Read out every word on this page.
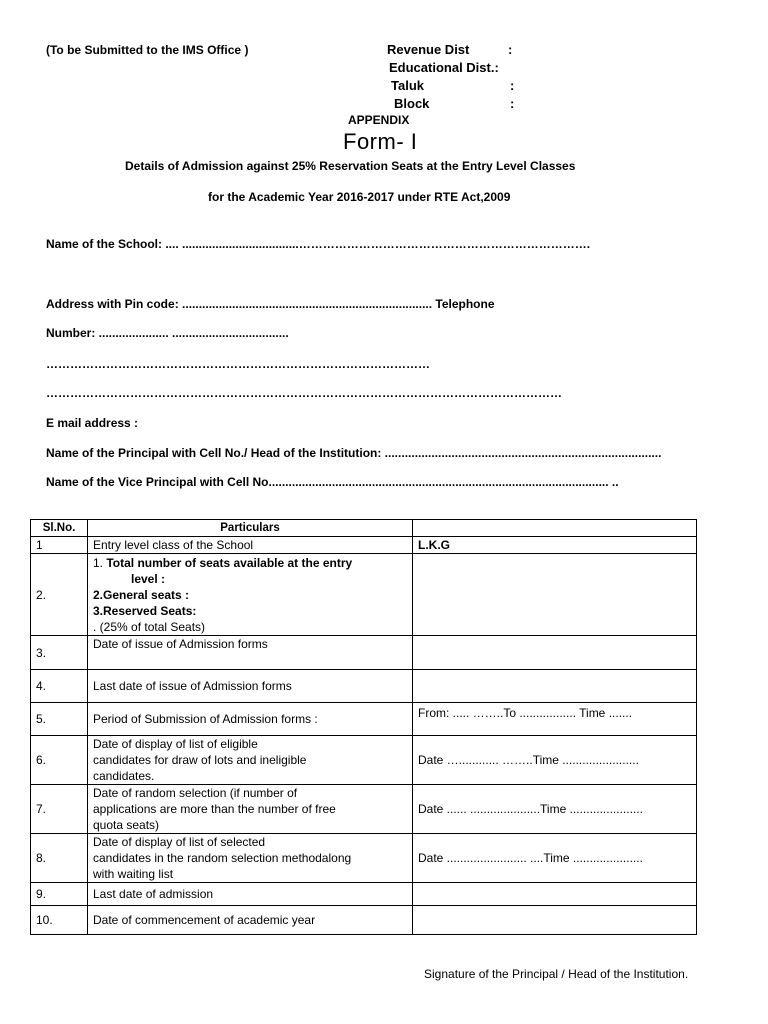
(To be Submitted to the IMS Office )	Revenue Dist	:
Educational Dist.:
Taluk	:
Block	:
APPENDIX
Form- I
Details of Admission against 25% Reservation Seats at the Entry Level Classes
for the Academic Year 2016-2017 under RTE Act,2009
Name of the School: .... ...................................……………………………………………………………….
Address with Pin code: ........................................................................... Telephone
Number: ..................... ...................................
……………………………………………………………………………………
…………………………………………………………………………………………………………………
E mail address :
Name of the Principal with Cell No./ Head of the Institution: ...................................................................................
Name of the Vice Principal with Cell No...................................................................................................... ..
Sl.No.	Particulars	
1	Entry level class of the School	L.K.G
2.	1. Total number of seats available at the entry
level :
2.General seats :
3.Reserved Seats:
. (25% of total Seats)	

3.	Date of issue of Admission forms	
4.	Last date of issue of Admission forms	
5.	Period of Submission of Admission forms :	From: ..... ……..To ................. Time .......
6.	Date of display of list of eligible
candidates for draw of lots and ineligible
candidates.	Date …............ ……..Time .......................
7.	Date of random selection (if number of
applications are more than the number of free
quota seats)	Date ...... .....................Time ......................
8.	Date of display of list of selected
candidates in the random selection methodalong
with waiting list	Date ........................ ....Time .....................
9.	Last date of admission	
10.	Date of commencement of academic year	
Signature of the Principal / Head of the Institution.
